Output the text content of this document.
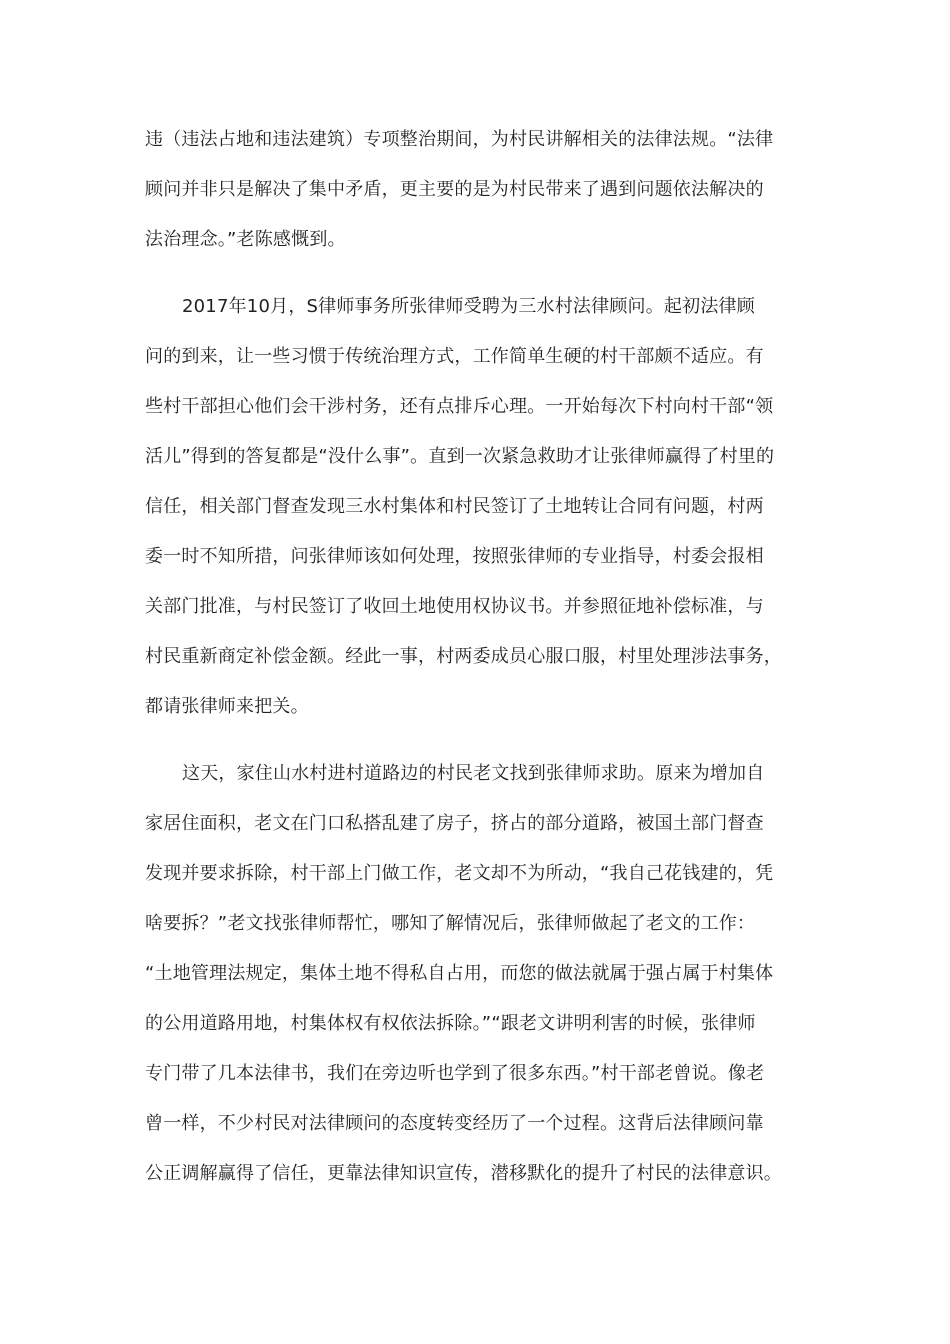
违（违法占地和违法建筑）专项整治期间，为村民讲解相关的法律法规。“法律
顾问并非只是解决了集中矛盾，更主要的是为村民带来了遇到问题依法解决的
法治理念。”老陈感慨到。
2017年10月，S律师事务所张律师受聘为三水村法律顾问。起初法律顾
问的到来，让一些习惯于传统治理方式，工作简单生硬的村干部颇不适应。有
些村干部担心他们会干涉村务，还有点排斥心理。一开始每次下村向村干部“领
活儿”得到的答复都是“没什么事”。直到一次紧急救助才让张律师赢得了村里的
信任，相关部门督查发现三水村集体和村民签订了土地转让合同有问题，村两
委一时不知所措，问张律师该如何处理，按照张律师的专业指导，村委会报相
关部门批准，与村民签订了收回土地使用权协议书。并参照征地补偿标准，与
村民重新商定补偿金额。经此一事，村两委成员心服口服，村里处理涉法事务，
都请张律师来把关。
这天，家住山水村进村道路边的村民老文找到张律师求助。原来为增加自
家居住面积，老文在门口私搭乱建了房子，挤占的部分道路，被国土部门督查
发现并要求拆除，村干部上门做工作，老文却不为所动，“我自己花钱建的，凭
啥要拆？”老文找张律师帮忙，哪知了解情况后，张律师做起了老文的工作：
“土地管理法规定，集体土地不得私自占用，而您的做法就属于强占属于村集体
的公用道路用地，村集体权有权依法拆除。”“跟老文讲明利害的时候，张律师
专门带了几本法律书，我们在旁边听也学到了很多东西。”村干部老曾说。像老
曾一样，不少村民对法律顾问的态度转变经历了一个过程。这背后法律顾问靠
公正调解赢得了信任，更靠法律知识宣传，潜移默化的提升了村民的法律意识。
